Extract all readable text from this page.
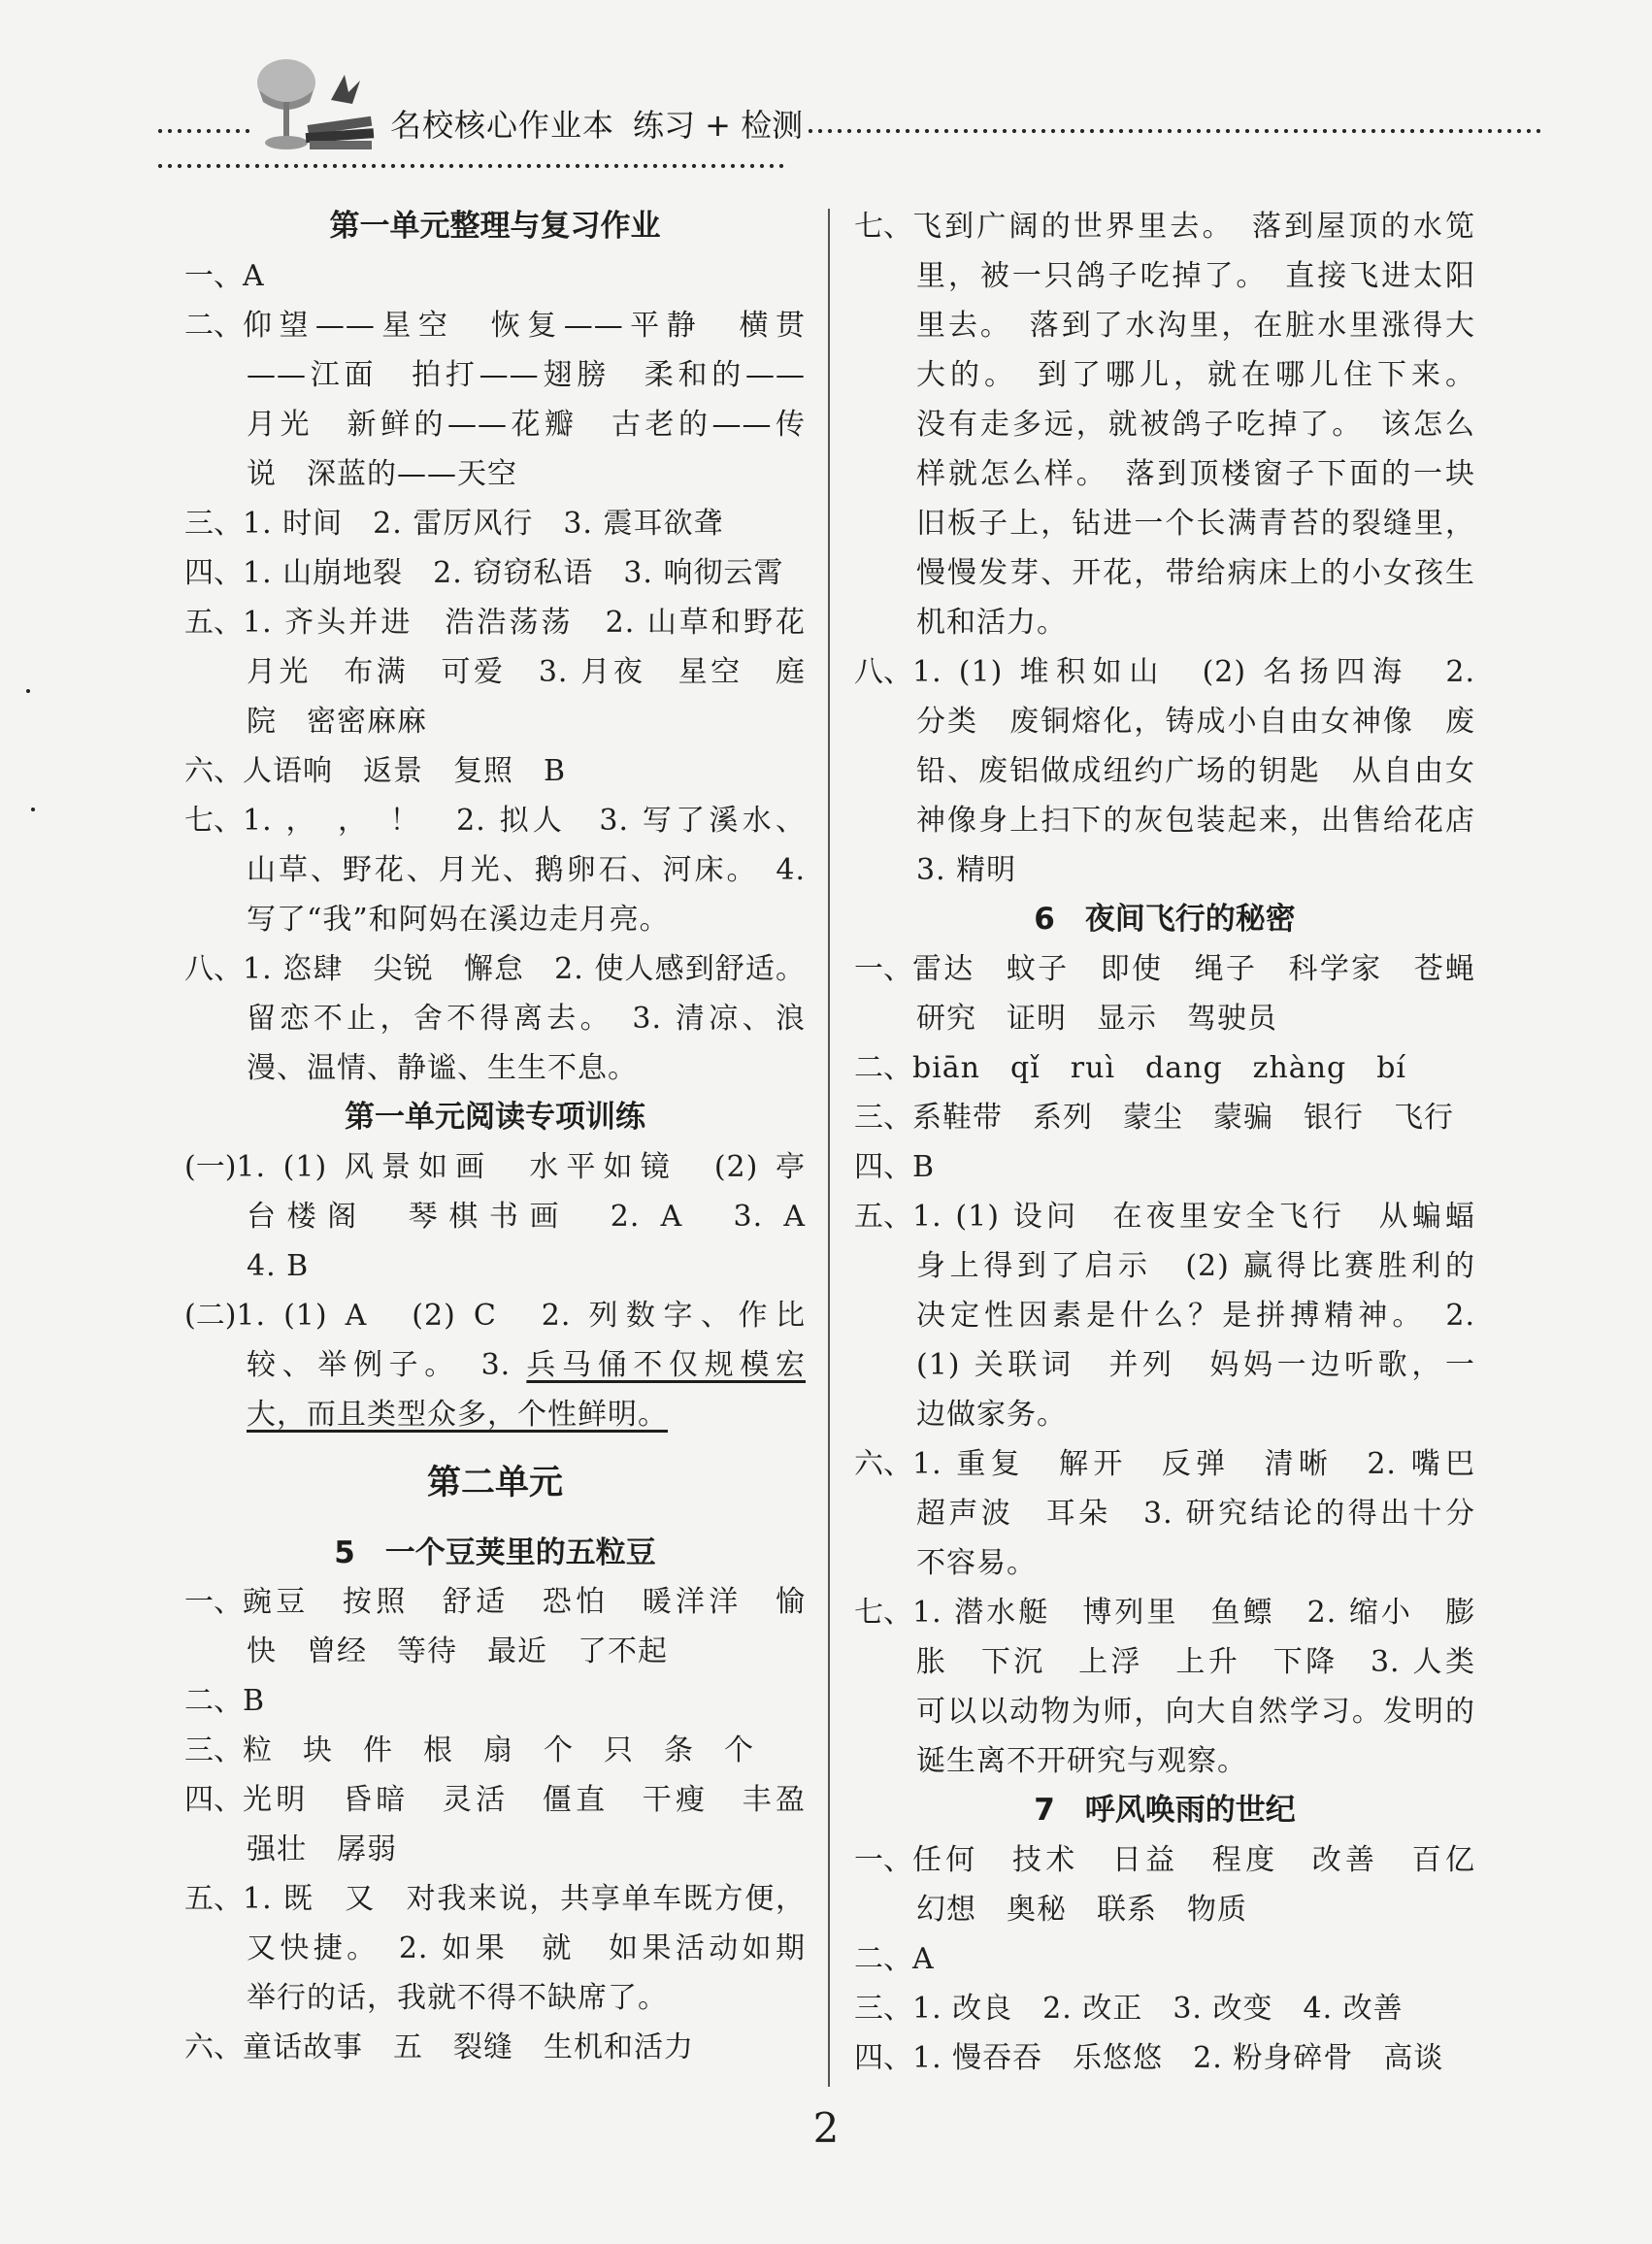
名校核心作业本 练习 + 检测
第一单元整理与复习作业
一、 A
二、 仰望——星空　恢复——平静　横贯
——江面　拍打——翅膀　柔和的——
月光　新鲜的——花瓣　古老的——传
说　深蓝的——天空
三、 1. 时间　2. 雷厉风行　3. 震耳欲聋
四、 1. 山崩地裂　2. 窃窃私语　3. 响彻云霄
五、 1. 齐头并进　浩浩荡荡　2. 山草和野花
月光　布满　可爱　3. 月夜　星空　庭
院　密密麻麻
六、 人语响　返景　复照　B
七、 1. ，　，　！　2. 拟人　3. 写了溪水、
山草、野花、月光、鹅卵石、河床。　4.
写了“我”和阿妈在溪边走月亮。
八、 1. 恣肆　尖锐　懈怠　2. 使人感到舒适。
留恋不止，舍不得离去。　3. 清凉、浪
漫、温情、静谧、生生不息。
第一单元阅读专项训练
(一) 1. (1) 风景如画　水平如镜　(2) 亭
台楼阁　琴棋书画　2. A　3. A
4. B
(二) 1. (1) A　(2) C　2. 列数字、作比
较、举例子。　3. 兵马俑不仅规模宏
大，而且类型众多，个性鲜明。
第二单元
5　一个豆荚里的五粒豆
一、 豌豆　按照　舒适　恐怕　暖洋洋　愉
快　曾经　等待　最近　了不起
二、 B
三、 粒　块　件　根　扇　个　只　条　个
四、 光明　昏暗　灵活　僵直　干瘦　丰盈
强壮　孱弱
五、 1. 既　又　对我来说，共享单车既方便，
又快捷。　2. 如果　就　如果活动如期
举行的话，我就不得不缺席了。
六、 童话故事　五　裂缝　生机和活力
七、 飞到广阔的世界里去。　落到屋顶的水笕
里，被一只鸽子吃掉了。　直接飞进太阳
里去。　落到了水沟里，在脏水里涨得大
大的。　到了哪儿，就在哪儿住下来。
没有走多远，就被鸽子吃掉了。　该怎么
样就怎么样。　落到顶楼窗子下面的一块
旧板子上，钻进一个长满青苔的裂缝里，
慢慢发芽、开花，带给病床上的小女孩生
机和活力。
八、 1. (1) 堆积如山　(2) 名扬四海　2.
分类　废铜熔化，铸成小自由女神像　废
铅、废铝做成纽约广场的钥匙　从自由女
神像身上扫下的灰包装起来，出售给花店
3. 精明
6　夜间飞行的秘密
一、 雷达　蚊子　即使　绳子　科学家　苍蝇
研究　证明　显示　驾驶员
二、 biān　qǐ　ruì　dang　zhàng　bí
三、 系鞋带　系列　蒙尘　蒙骗　银行　飞行
四、 B
五、 1. (1) 设问　在夜里安全飞行　从蝙蝠
身上得到了启示　(2) 赢得比赛胜利的
决定性因素是什么？是拼搏精神。　2.
(1) 关联词　并列　妈妈一边听歌，一
边做家务。
六、 1. 重复　解开　反弹　清晰　2. 嘴巴
超声波　耳朵　3. 研究结论的得出十分
不容易。
七、 1. 潜水艇　博列里　鱼鳔　2. 缩小　膨
胀　下沉　上浮　上升　下降　3. 人类
可以以动物为师，向大自然学习。发明的
诞生离不开研究与观察。
7　呼风唤雨的世纪
一、 任何　技术　日益　程度　改善　百亿
幻想　奥秘　联系　物质
二、 A
三、 1. 改良　2. 改正　3. 改变　4. 改善
四、 1. 慢吞吞　乐悠悠　2. 粉身碎骨　高谈
2
